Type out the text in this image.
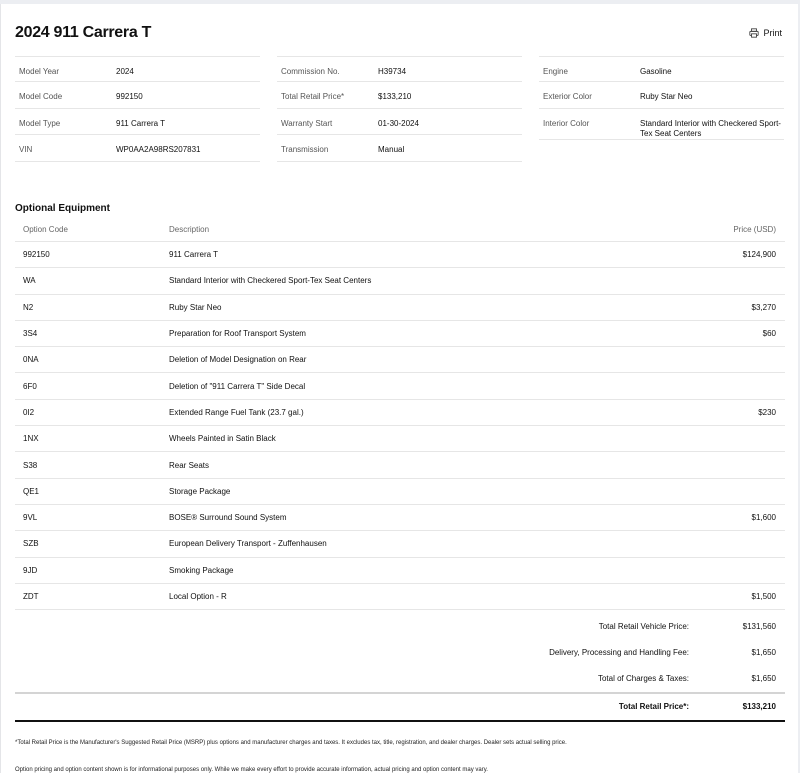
2024 911 Carrera T	Print
Model Year	2024
Model Code	992150
Model Type	911 Carrera T
VIN	WP0AA2A98RS207831
Commission No.	H39734
Total Retail Price*	$133,210
Warranty Start	01-30-2024
Transmission	Manual
Engine	Gasoline
Exterior Color	Ruby Star Neo
Interior Color	Standard Interior with Checkered Sport-Tex Seat Centers
Optional Equipment
Option Code	Description	Price (USD)
992150	911 Carrera T	$124,900
WA	Standard Interior with Checkered Sport-Tex Seat Centers
N2	Ruby Star Neo	$3,270
3S4	Preparation for Roof Transport System	$60
0NA	Deletion of Model Designation on Rear
6F0	Deletion of "911 Carrera T" Side Decal
0I2	Extended Range Fuel Tank (23.7 gal.)	$230
1NX	Wheels Painted in Satin Black
S38	Rear Seats
QE1	Storage Package
9VL	BOSE® Surround Sound System	$1,600
SZB	European Delivery Transport - Zuffenhausen
9JD	Smoking Package
ZDT	Local Option - R	$1,500
Total Retail Vehicle Price:	$131,560
Delivery, Processing and Handling Fee:	$1,650
Total of Charges & Taxes:	$1,650
Total Retail Price*:	$133,210
*Total Retail Price is the Manufacturer's Suggested Retail Price (MSRP) plus options and manufacturer charges and taxes. It excludes tax, title, registration, and dealer charges. Dealer sets actual selling price.
Option pricing and option content shown is for informational purposes only. While we make every effort to provide accurate information, actual pricing and option content may vary.
